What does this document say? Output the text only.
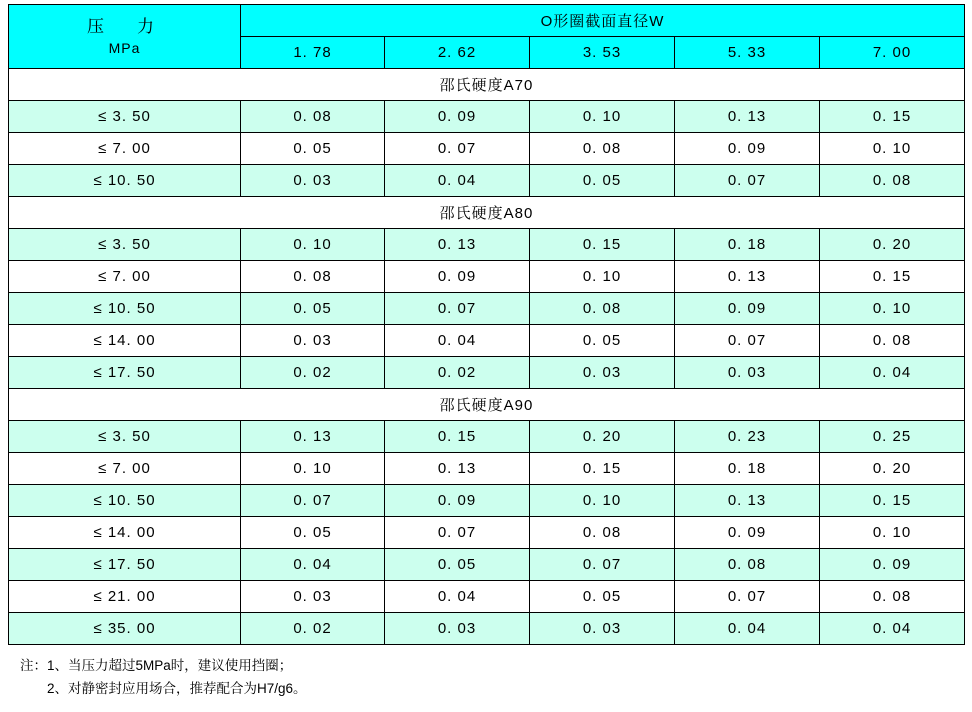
压　力
MPa	O形圈截面直径W				
	1. 78	2. 62	3. 53	5. 33	7. 00
邵氏硬度A70					
≤ 3. 50	0. 08	0. 09	0. 10	0. 13	0. 15
≤ 7. 00	0. 05	0. 07	0. 08	0. 09	0. 10
≤ 10. 50	0. 03	0. 04	0. 05	0. 07	0. 08
邵氏硬度A80					
≤ 3. 50	0. 10	0. 13	0. 15	0. 18	0. 20
≤ 7. 00	0. 08	0. 09	0. 10	0. 13	0. 15
≤ 10. 50	0. 05	0. 07	0. 08	0. 09	0. 10
≤ 14. 00	0. 03	0. 04	0. 05	0. 07	0. 08
≤ 17. 50	0. 02	0. 02	0. 03	0. 03	0. 04
邵氏硬度A90					
≤ 3. 50	0. 13	0. 15	0. 20	0. 23	0. 25
≤ 7. 00	0. 10	0. 13	0. 15	0. 18	0. 20
≤ 10. 50	0. 07	0. 09	0. 10	0. 13	0. 15
≤ 14. 00	0. 05	0. 07	0. 08	0. 09	0. 10
≤ 17. 50	0. 04	0. 05	0. 07	0. 08	0. 09
≤ 21. 00	0. 03	0. 04	0. 05	0. 07	0. 08
≤ 35. 00	0. 02	0. 03	0. 03	0. 04	0. 04
注：1、当压力超过5MPa时，建议使用挡圈；
　　2、对静密封应用场合，推荐配合为H7/g6。
